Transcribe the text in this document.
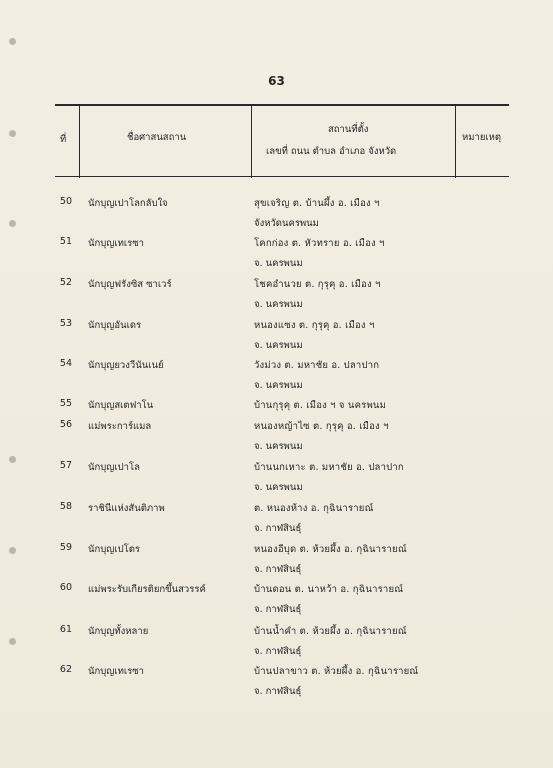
63
ที่	ชื่อศาสนสถาน
สถานที่ตั้ง
เลขที่ ถนน ตำบล อำเภอ จังหวัด
หมายเหตุ
50 นักบุญเปาโลกลับใจ	สุขเจริญ ต. บ้านผึ้ง อ. เมือง ฯ
จังหวัดนครพนม
51 นักบุญเทเรซา	โคกก่อง ต. หัวทราย อ. เมือง ฯ
จ. นครพนม
52 นักบุญฟรังซิส ซาเวร์	โชคอำนวย ต. กุรุคุ อ. เมือง ฯ
จ. นครพนม
53 นักบุญอันเดร	หนองแซง ต. กุรุคุ อ. เมือง ฯ
จ. นครพนม
54 นักบุญยวงวีนันเนย์	วังม่วง ต. มหาชัย อ. ปลาปาก
จ. นครพนม
55 นักบุญสเตฟาโน	บ้านกุรุคุ ต. เมือง ฯ จ นครพนม
56 แม่พระการ์แมล	หนองหญ้าไซ ต. กุรุคุ อ. เมือง ฯ
จ. นครพนม
57 นักบุญเปาโล	บ้านนกเหาะ ต. มหาชัย อ. ปลาปาก
จ. นครพนม
58 ราชินีแห่งสันติภาพ	ต. หนองห้าง อ. กุฉินารายณ์
จ. กาฬสินธุ์
59 นักบุญเปโตร	หนองอีบุด ต. ห้วยผึ้ง อ. กุฉินารายณ์
จ. กาฬสินธุ์
60 แม่พระรับเกียรติยกขึ้นสวรรค์	บ้านดอน ต. นาหว้า อ. กุฉินารายณ์
จ. กาฬสินธุ์
61 นักบุญทั้งหลาย	บ้านน้ำคำ ต. ห้วยผึ้ง อ. กุฉินารายณ์
จ. กาฬสินธุ์
62 นักบุญเทเรซา	บ้านปลาขาว ต. ห้วยผึ้ง อ. กุฉินารายณ์
จ. กาฬสินธุ์
